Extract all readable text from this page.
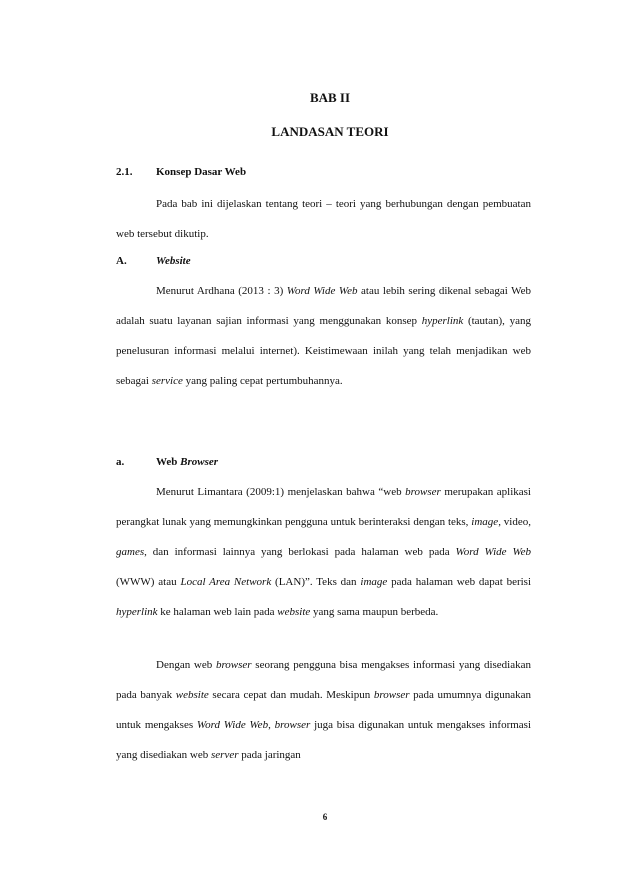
BAB II
LANDASAN TEORI
2.1. Konsep Dasar Web

Pada bab ini dijelaskan tentang teori – teori yang berhubungan dengan pembuatan web tersebut dikutip.

A.	Website

Menurut Ardhana (2013 : 3) Word Wide Web atau lebih sering dikenal sebagai Web adalah suatu layanan sajian informasi yang menggunakan konsep hyperlink (tautan), yang penelusuran informasi melalui internet). Keistimewaan inilah yang telah menjadikan web sebagai service yang paling cepat pertumbuhannya.

a.	Web Browser

Menurut Limantara (2009:1) menjelaskan bahwa “web browser merupakan aplikasi perangkat lunak yang memungkinkan pengguna untuk berinteraksi dengan teks, image, video, games, dan informasi lainnya yang berlokasi pada halaman web pada Word Wide Web (WWW) atau Local Area Network (LAN)”. Teks dan image pada halaman web dapat berisi hyperlink ke halaman web lain pada website yang sama maupun berbeda.

Dengan web browser seorang pengguna bisa mengakses informasi yang disediakan pada banyak website secara cepat dan mudah. Meskipun browser pada umumnya digunakan untuk mengakses Word Wide Web, browser juga bisa digunakan untuk mengakses informasi yang disediakan web server pada jaringan

6
